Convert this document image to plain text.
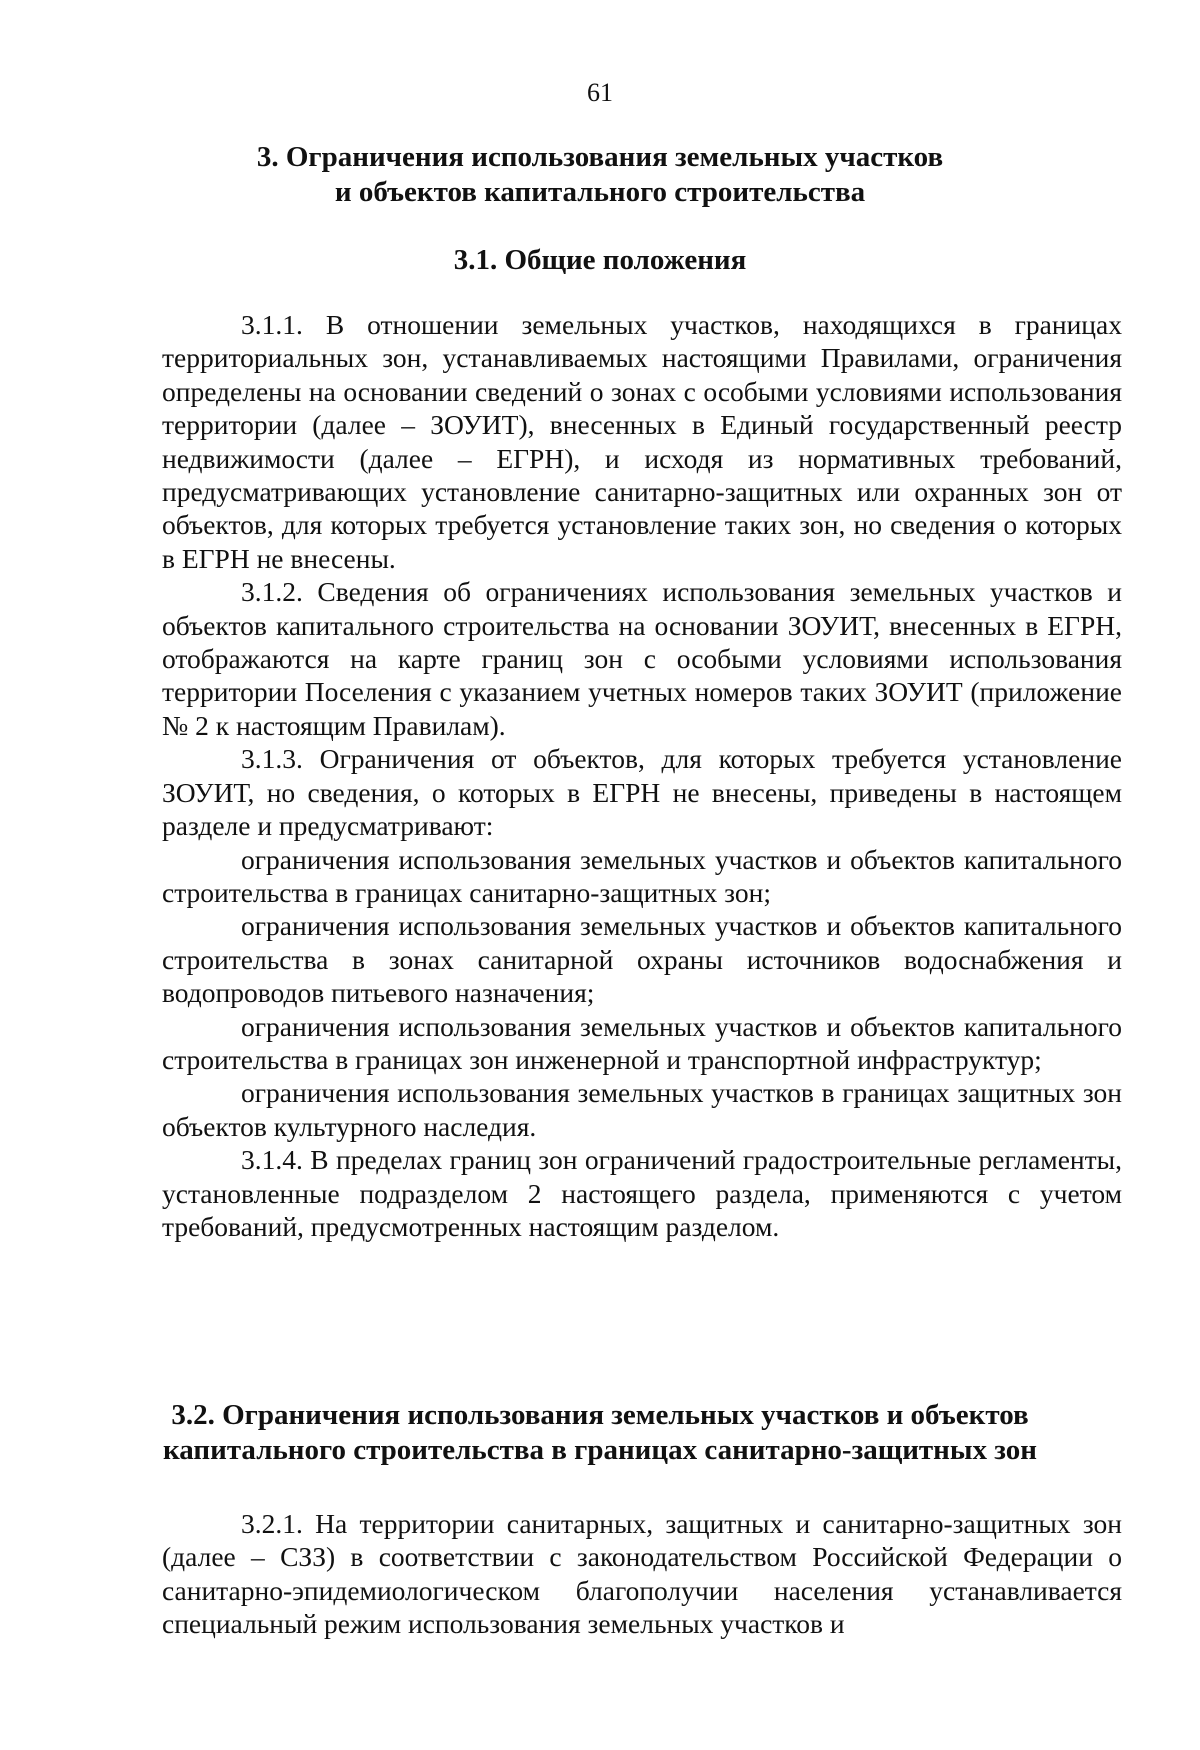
61
3. Ограничения использования земельных участков
и объектов капитального строительства
3.1. Общие положения

3.1.1. В отношении земельных участков, находящихся в границах территориальных зон, устанавливаемых настоящими Правилами, ограничения определены на основании сведений о зонах с особыми условиями использования территории (далее – ЗОУИТ), внесенных в Единый государственный реестр недвижимости (далее – ЕГРН), и исходя из нормативных требований, предусматривающих установление санитарно-защитных или охранных зон от объектов, для которых требуется установление таких зон, но сведения о которых в ЕГРН не внесены.

3.1.2. Сведения об ограничениях использования земельных участков и объектов капитального строительства на основании ЗОУИТ, внесенных в ЕГРН, отображаются на карте границ зон с особыми условиями использования территории Поселения с указанием учетных номеров таких ЗОУИТ (приложение № 2 к настоящим Правилам).

3.1.3. Ограничения от объектов, для которых требуется установление ЗОУИТ, но сведения, о которых в ЕГРН не внесены, приведены в настоящем разделе и предусматривают:

ограничения использования земельных участков и объектов капитального строительства в границах санитарно-защитных зон;

ограничения использования земельных участков и объектов капитального строительства в зонах санитарной охраны источников водоснабжения и водопроводов питьевого назначения;

ограничения использования земельных участков и объектов капитального строительства в границах зон инженерной и транспортной инфраструктур;

ограничения использования земельных участков в границах защитных зон объектов культурного наследия.

3.1.4. В пределах границ зон ограничений градостроительные регламенты, установленные подразделом 2 настоящего раздела, применяются с учетом требований, предусмотренных настоящим разделом.

3.2. Ограничения использования земельных участков и объектов
капитального строительства в границах санитарно-защитных зон

3.2.1. На территории санитарных, защитных и санитарно-защитных зон (далее – СЗЗ) в соответствии с законодательством Российской Федерации о санитарно-эпидемиологическом благополучии населения устанавливается специальный режим использования земельных участков и
